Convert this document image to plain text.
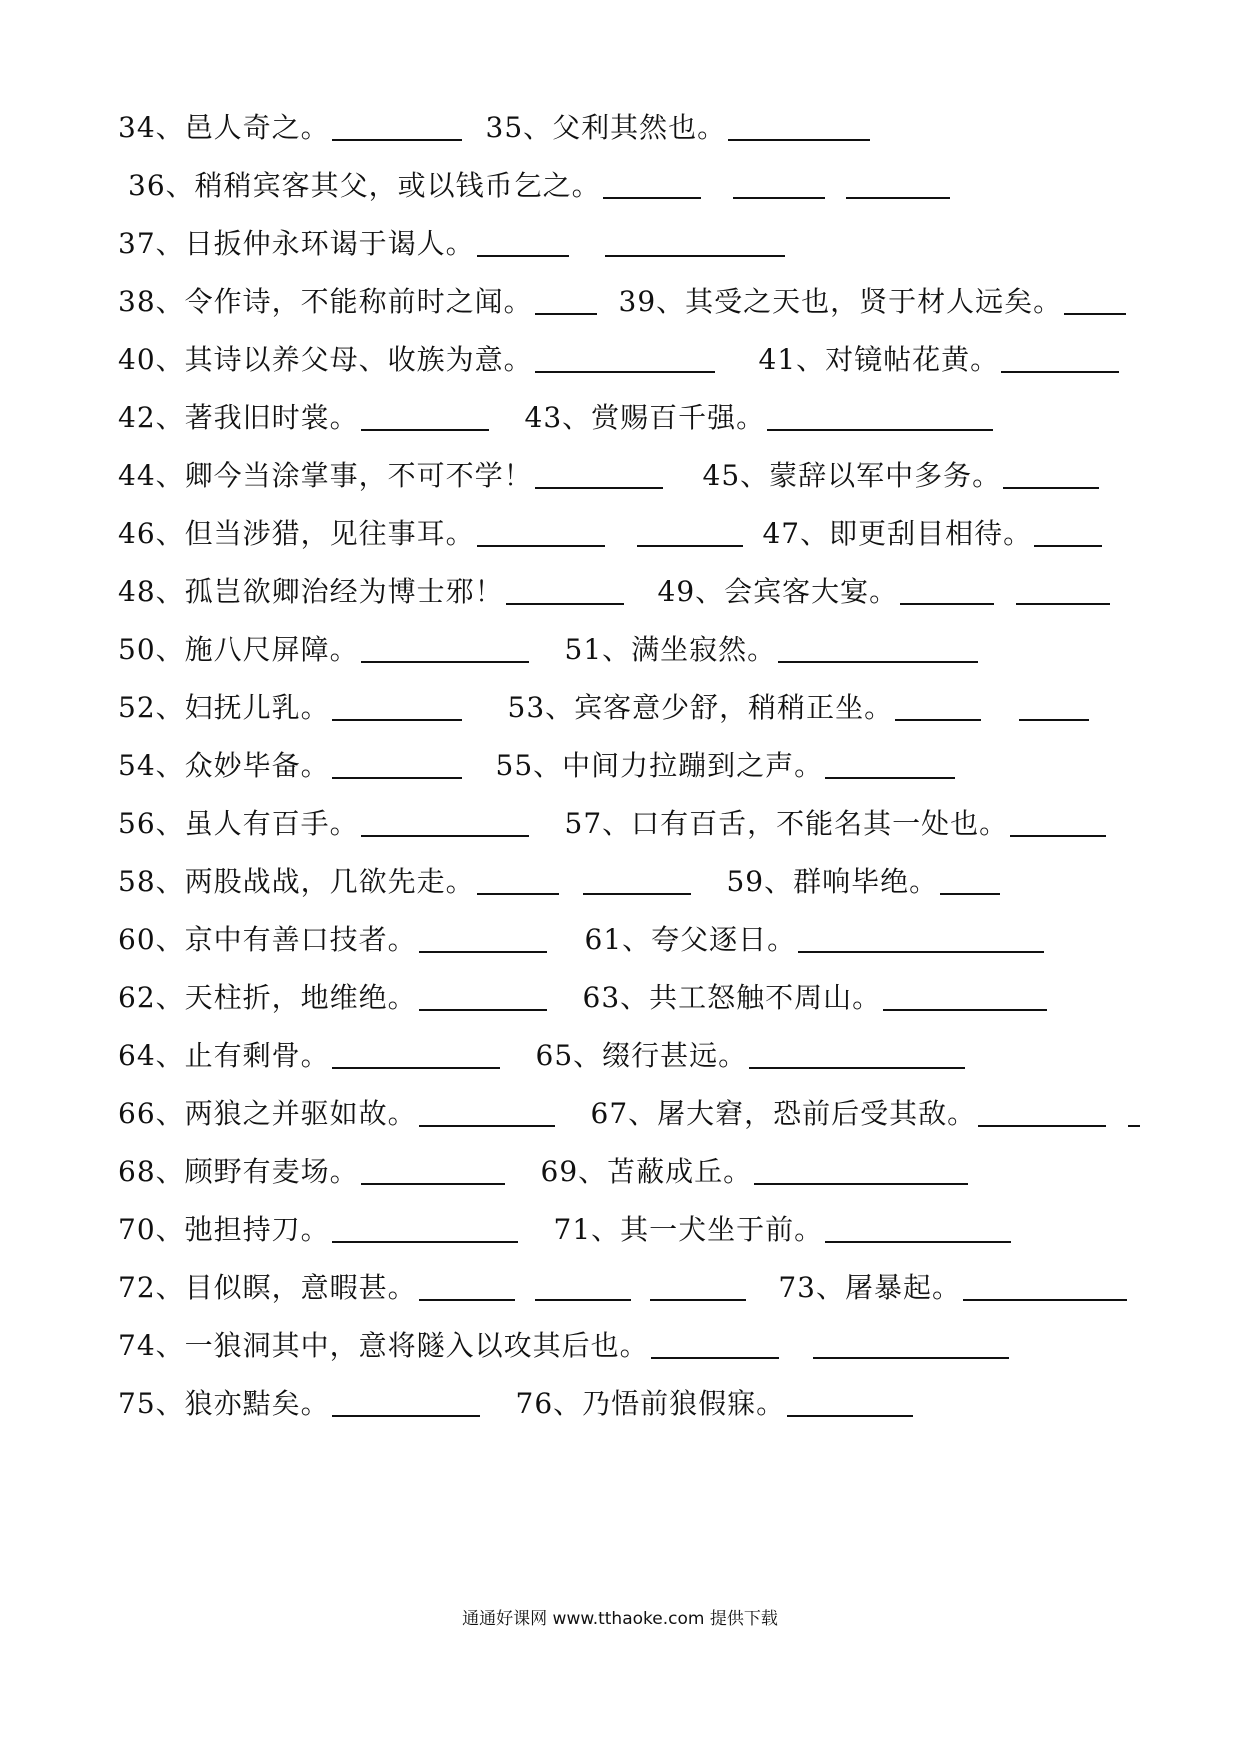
34、邑人奇之。	35、父利其然也。
36、稍稍宾客其父，或以钱币乞之。
37、日扳仲永环谒于谒人。
38、令作诗，不能称前时之闻。	39、其受之天也，贤于材人远矣。
40、其诗以养父母、收族为意。	41、对镜帖花黄。
42、著我旧时裳。	43、赏赐百千强。
44、卿今当涂掌事，不可不学！	45、蒙辞以军中多务。
46、但当涉猎，见往事耳。	47、即更刮目相待。
48、孤岂欲卿治经为博士邪！	49、会宾客大宴。
50、施八尺屏障。	51、满坐寂然。
52、妇抚儿乳。	53、宾客意少舒，稍稍正坐。
54、众妙毕备。	55、中间力拉蹦到之声。
56、虽人有百手。	57、口有百舌，不能名其一处也。
58、两股战战，几欲先走。	59、群响毕绝。
60、京中有善口技者。	61、夸父逐日。
62、天柱折，地维绝。	63、共工怒触不周山。
64、止有剩骨。	65、缀行甚远。
66、两狼之并驱如故。	67、屠大窘，恐前后受其敌。
68、顾野有麦场。	69、苫蔽成丘。
70、弛担持刀。	71、其一犬坐于前。
72、目似瞑，意暇甚。	73、屠暴起。
74、一狼洞其中，意将隧入以攻其后也。
75、狼亦黠矣。	76、乃悟前狼假寐。
通通好课网 www.tthaoke.com 提供下载
